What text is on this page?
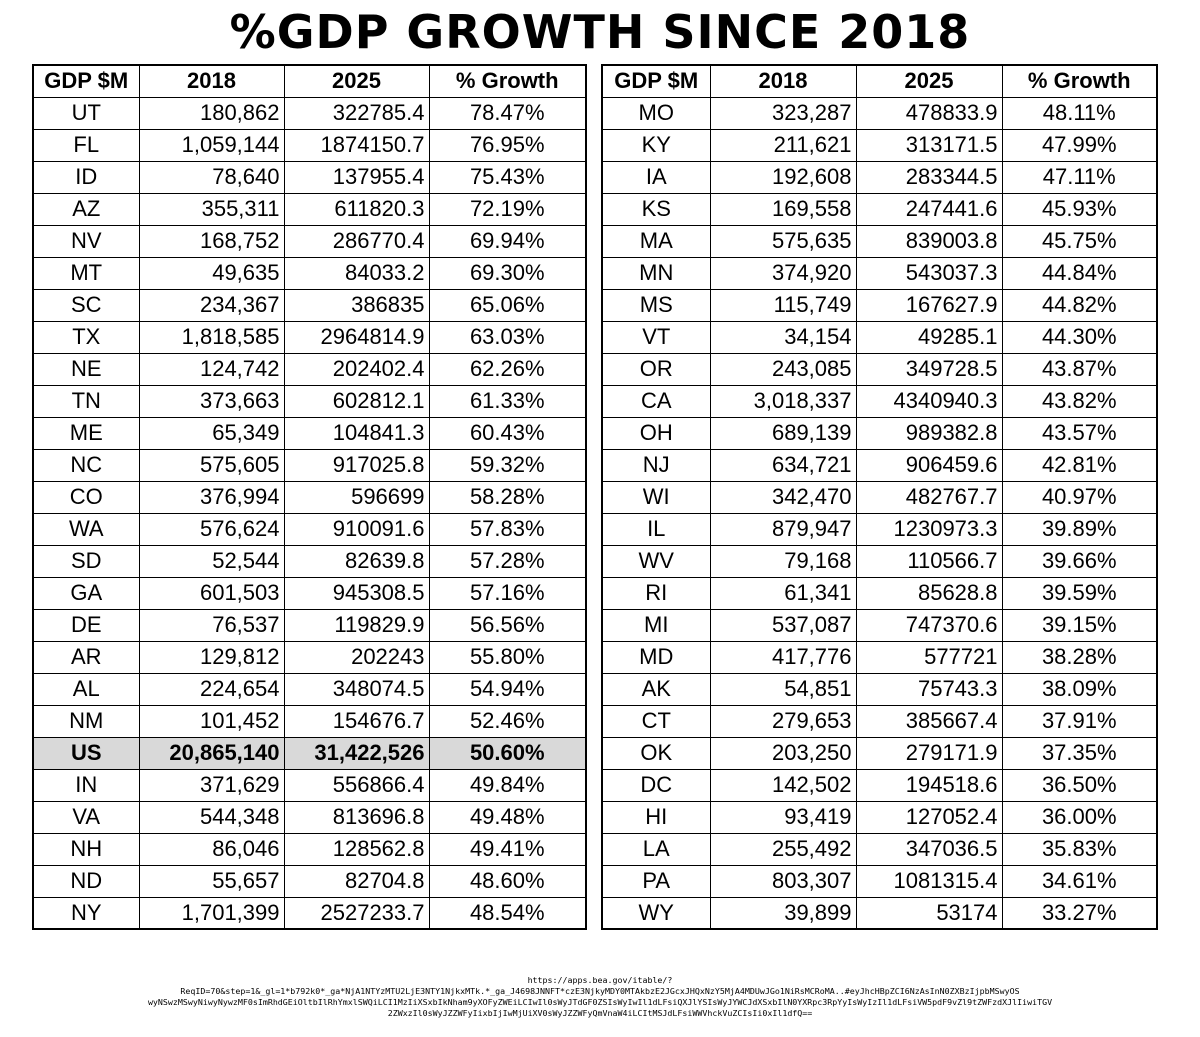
%GDP GROWTH SINCE 2018
GDP $M	2018	2025	% Growth
UT	180,862	322785.4	78.47%
FL	1,059,144	1874150.7	76.95%
ID	78,640	137955.4	75.43%
AZ	355,311	611820.3	72.19%
NV	168,752	286770.4	69.94%
MT	49,635	84033.2	69.30%
SC	234,367	386835	65.06%
TX	1,818,585	2964814.9	63.03%
NE	124,742	202402.4	62.26%
TN	373,663	602812.1	61.33%
ME	65,349	104841.3	60.43%
NC	575,605	917025.8	59.32%
CO	376,994	596699	58.28%
WA	576,624	910091.6	57.83%
SD	52,544	82639.8	57.28%
GA	601,503	945308.5	57.16%
DE	76,537	119829.9	56.56%
AR	129,812	202243	55.80%
AL	224,654	348074.5	54.94%
NM	101,452	154676.7	52.46%
US	20,865,140	31,422,526	50.60%
IN	371,629	556866.4	49.84%
VA	544,348	813696.8	49.48%
NH	86,046	128562.8	49.41%
ND	55,657	82704.8	48.60%
NY	1,701,399	2527233.7	48.54%
GDP $M	2018	2025	% Growth
MO	323,287	478833.9	48.11%
KY	211,621	313171.5	47.99%
IA	192,608	283344.5	47.11%
KS	169,558	247441.6	45.93%
MA	575,635	839003.8	45.75%
MN	374,920	543037.3	44.84%
MS	115,749	167627.9	44.82%
VT	34,154	49285.1	44.30%
OR	243,085	349728.5	43.87%
CA	3,018,337	4340940.3	43.82%
OH	689,139	989382.8	43.57%
NJ	634,721	906459.6	42.81%
WI	342,470	482767.7	40.97%
IL	879,947	1230973.3	39.89%
WV	79,168	110566.7	39.66%
RI	61,341	85628.8	39.59%
MI	537,087	747370.6	39.15%
MD	417,776	577721	38.28%
AK	54,851	75743.3	38.09%
CT	279,653	385667.4	37.91%
OK	203,250	279171.9	37.35%
DC	142,502	194518.6	36.50%
HI	93,419	127052.4	36.00%
LA	255,492	347036.5	35.83%
PA	803,307	1081315.4	34.61%
WY	39,899	53174	33.27%
https://apps.bea.gov/itable/?
ReqID=70&step=1&_gl=1*b792k0*_ga*NjA1NTYzMTU2LjE3NTY1NjkxMTk.*_ga_J4698JNNFT*czE3NjkyMDY0MTAkbzE2JGcxJHQxNzY5MjA4MDUwJGo1NiRsMCRoMA..#eyJhcHBpZCI6NzAsInN0ZXBzIjpbMSwyOS
wyNSwzMSwyNiwyNywzMF0sImRhdGEiOltbIlRhYmxlSWQiLCI1MzIiXSxbIkNham9yXOFyZWEiLCIwIl0sWyJTdGF0ZSIsWyIwIl1dLFsiQXJlYSIsWyJYWCJdXSxbIlN0YXRpc3RpYyIsWyIzIl1dLFsiVW5pdF9vZl9tZWFzdXJlIiwiTGV
2ZWxzIl0sWyJZZWFyIixbIjIwMjUiXV0sWyJZZWFyQmVnaW4iLCItMSJdLFsiWWVhckVuZCIsIi0xIl1dfQ==
